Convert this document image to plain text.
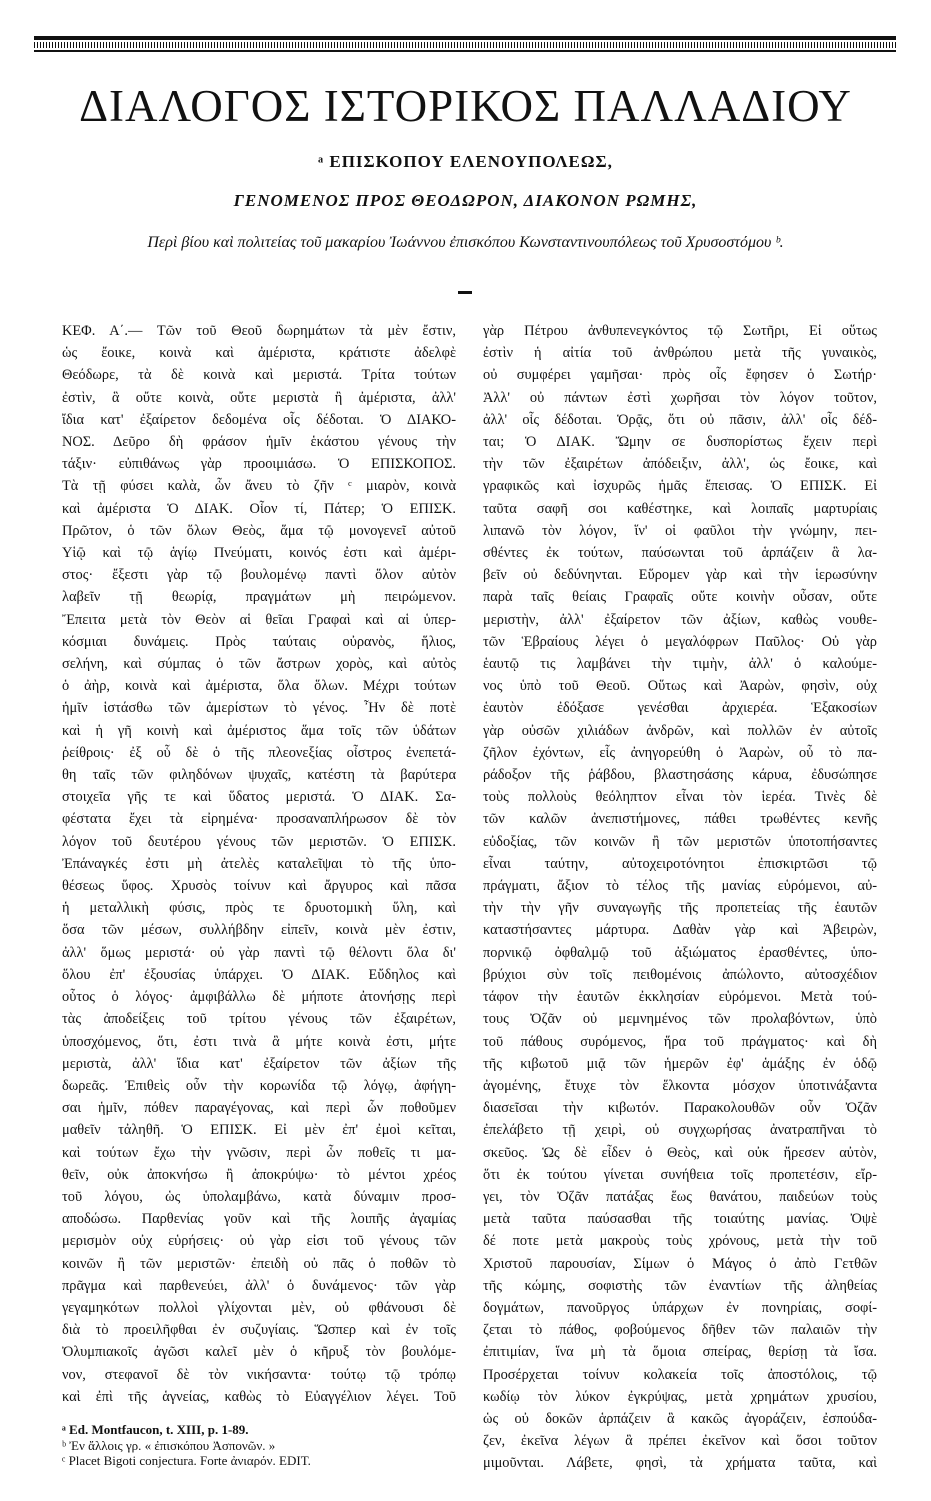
ΔΙΑΛΟΓΟΣ ΙΣΤΟΡΙΚΟΣ ΠΑΛΛΑΔΙΟΥ
ᵃ ΕΠΙΣΚΟΠΟΥ ΕΛΕΝΟΥΠΟΛΕΩΣ,
ΓΕΝΟΜΕΝΟΣ ΠΡΟΣ ΘΕΟΔΩΡΟΝ, ΔΙΑΚΟΝΟΝ ΡΩΜΗΣ,
Περὶ βίου καὶ πολιτείας τοῦ μακαρίου Ἰωάννου ἐπισκόπου Κωνσταντινουπόλεως τοῦ Χρυσοστόμου ᵇ.
ΚΕΦ. Α΄.— Τῶν τοῦ Θεοῦ δωρημάτων τὰ μὲν ἔστιν,
ὡς ἔοικε, κοινὰ καὶ ἀμέριστα, κράτιστε ἀδελφὲ
Θεόδωρε, τὰ δὲ κοινὰ καὶ μεριστά. Τρίτα τούτων
ἐστὶν, ἃ οὔτε κοινὰ, οὔτε μεριστὰ ἢ ἀμέριστα, ἀλλ'
ἴδια κατ' ἐξαίρετον δεδομένα οἷς δέδοται. Ὁ ΔΙΑΚΟ-
ΝΟΣ. Δεῦρο δὴ φράσον ἡμῖν ἑκάστου γένους τὴν
τάξιν· εὐπιθάνως γὰρ προοιμιάσω. Ὁ ΕΠΙΣΚΟΠΟΣ.
Τὰ τῇ φύσει καλὰ, ὧν ἄνευ τὸ ζῆν ᶜ μιαρὸν, κοινὰ
καὶ ἀμέριστα Ὁ ΔΙΑΚ. Οἷον τί, Πάτερ; Ὁ ΕΠΙΣΚ.
Πρῶτον, ὁ τῶν ὅλων Θεὸς, ἅμα τῷ μονογενεῖ αὐτοῦ
Υἱῷ καὶ τῷ ἁγίῳ Πνεύματι, κοινός ἐστι καὶ ἀμέρι-
στος· ἔξεστι γὰρ τῷ βουλομένῳ παντὶ ὅλον αὐτὸν
λαβεῖν τῇ θεωρίᾳ, πραγμάτων μὴ πειρώμενον.
Ἔπειτα μετὰ τὸν Θεὸν αἱ θεῖαι Γραφαὶ καὶ αἱ ὑπερ-
κόσμιαι δυνάμεις. Πρὸς ταύταις οὐρανὸς, ἥλιος,
σελήνη, καὶ σύμπας ὁ τῶν ἄστρων χορὸς, καὶ αὐτὸς
ὁ ἀὴρ, κοινὰ καὶ ἀμέριστα, ὅλα ὅλων. Μέχρι τούτων
ἡμῖν ἱστάσθω τῶν ἀμερίστων τὸ γένος. Ἦν δὲ ποτὲ
καὶ ἡ γῆ κοινὴ καὶ ἀμέριστος ἅμα τοῖς τῶν ὑδάτων
ῥείθροις· ἐξ οὗ δὲ ὁ τῆς πλεονεξίας οἶστρος ἐνεπετά-
θη ταῖς τῶν φιληδόνων ψυχαῖς, κατέστη τὰ βαρύτερα
στοιχεῖα γῆς τε καὶ ὕδατος μεριστά. Ὁ ΔΙΑΚ. Σα-
φέστατα ἔχει τὰ εἰρημένα· προσαναπλήρωσον δὲ τὸν
λόγον τοῦ δευτέρου γένους τῶν μεριστῶν. Ὁ ΕΠΙΣΚ.
Ἐπάναγκές ἐστι μὴ ἀτελὲς καταλεῖψαι τὸ τῆς ὑπο-
θέσεως ὕφος. Χρυσὸς τοίνυν καὶ ἄργυρος καὶ πᾶσα
ἡ μεταλλικὴ φύσις, πρὸς τε δρυοτομικὴ ὕλη, καὶ
ὅσα τῶν μέσων, συλλήβδην εἰπεῖν, κοινὰ μὲν ἐστιν,
ἀλλ' ὅμως μεριστά· οὐ γὰρ παντὶ τῷ θέλοντι ὅλα δι'
ὅλου ἐπ' ἐξουσίας ὑπάρχει. Ὁ ΔΙΑΚ. Εὔδηλος καὶ
οὗτος ὁ λόγος· ἀμφιβάλλω δὲ μήποτε ἀτονήσῃς περὶ
τὰς ἀποδείξεις τοῦ τρίτου γένους τῶν ἐξαιρέτων,
ὑποσχόμενος, ὅτι, ἐστι τινὰ ἃ μήτε κοινὰ ἐστι, μήτε
μεριστὰ, ἀλλ' ἴδια κατ' ἐξαίρετον τῶν ἀξίων τῆς
δωρεᾶς. Ἐπιθεὶς οὖν τὴν κορωνίδα τῷ λόγῳ, ἀφήγη-
σαι ἡμῖν, πόθεν παραγέγονας, καὶ περὶ ὧν ποθοῦμεν
μαθεῖν τἀληθῆ. Ὁ ΕΠΙΣΚ. Εἰ μὲν ἐπ' ἐμοὶ κεῖται,
καὶ τούτων ἔχω τὴν γνῶσιν, περὶ ὧν ποθεῖς τι μα-
θεῖν, οὐκ ἀποκνήσω ἢ ἀποκρύψω· τὸ μέντοι χρέος
τοῦ λόγου, ὡς ὑπολαμβάνω, κατὰ δύναμιν προσ-
αποδώσω. Παρθενίας γοῦν καὶ τῆς λοιπῆς ἀγαμίας
μερισμὸν οὐχ εὑρήσεις· οὐ γὰρ εἰσι τοῦ γένους τῶν
κοινῶν ἢ τῶν μεριστῶν· ἐπειδὴ οὐ πᾶς ὁ ποθῶν τὸ
πρᾶγμα καὶ παρθενεύει, ἀλλ' ὁ δυνάμενος· τῶν γὰρ
γεγαμηκότων πολλοὶ γλίχονται μὲν, οὐ φθάνουσι δὲ
διὰ τὸ προειλῆφθαι ἐν συζυγίαις. Ὥσπερ καὶ ἐν τοῖς
Ὀλυμπιακοῖς ἀγῶσι καλεῖ μὲν ὁ κῆρυξ τὸν βουλόμε-
νον, στεφανοῖ δὲ τὸν νικήσαντα· τούτῳ τῷ τρόπῳ
καὶ ἐπὶ τῆς ἁγνείας, καθὼς τὸ Εὐαγγέλιον λέγει. Τοῦ
γὰρ Πέτρου ἀνθυπενεγκόντος τῷ Σωτῆρι, Εἰ οὕτως
ἐστὶν ἡ αἰτία τοῦ ἀνθρώπου μετὰ τῆς γυναικὸς,
οὐ συμφέρει γαμῆσαι· πρὸς οἷς ἔφησεν ὁ Σωτήρ·
Ἀλλ' οὐ πάντων ἐστὶ χωρῆσαι τὸν λόγον τοῦτον,
ἀλλ' οἷς δέδοται. Ὁρᾷς, ὅτι οὐ πᾶσιν, ἀλλ' οἷς δέδ-
ται; Ὁ ΔΙΑΚ. Ὤμην σε δυσπορίστως ἔχειν περὶ
τὴν τῶν ἐξαιρέτων ἀπόδειξιν, ἀλλ', ὡς ἔοικε, καὶ
γραφικῶς καὶ ἰσχυρῶς ἡμᾶς ἔπεισας. Ὁ ΕΠΙΣΚ. Εἰ
ταῦτα σαφῆ σοι καθέστηκε, καὶ λοιπαῖς μαρτυρίαις
λιπανῶ τὸν λόγον, ἵν' οἱ φαῦλοι τὴν γνώμην, πει-
σθέντες ἐκ τούτων, παύσωνται τοῦ ἁρπάζειν ἃ λα-
βεῖν οὐ δεδύνηνται. Εὕρομεν γὰρ καὶ τὴν ἱερωσύνην
παρὰ ταῖς θείαις Γραφαῖς οὔτε κοινὴν οὖσαν, οὔτε
μεριστὴν, ἀλλ' ἐξαίρετον τῶν ἀξίων, καθὼς νουθε-
τῶν Ἑβραίους λέγει ὁ μεγαλόφρων Παῦλος· Οὐ γὰρ
ἑαυτῷ τις λαμβάνει τὴν τιμὴν, ἀλλ' ὁ καλούμε-
νος ὑπὸ τοῦ Θεοῦ. Οὕτως καὶ Ἀαρὼν, φησὶν, οὐχ
ἑαυτὸν ἐδόξασε γενέσθαι ἀρχιερέα. Ἑξακοσίων
γὰρ οὐσῶν χιλιάδων ἀνδρῶν, καὶ πολλῶν ἐν αὐτοῖς
ζῆλον ἐχόντων, εἷς ἀνηγορεύθη ὁ Ἀαρὼν, οὗ τὸ πα-
ράδοξον τῆς ῥάβδου, βλαστησάσης κάρυα, ἐδυσώπησε
τοὺς πολλοὺς θεόληπτον εἶναι τὸν ἱερέα. Τινὲς δὲ
τῶν καλῶν ἀνεπιστήμονες, πάθει τρωθέντες κενῆς
εὐδοξίας, τῶν κοινῶν ἢ τῶν μεριστῶν ὑποτοπήσαντες
εἶναι ταύτην, αὐτοχειροτόνητοι ἐπισκιρτῶσι τῷ
πράγματι, ἄξιον τὸ τέλος τῆς μανίας εὑρόμενοι, αὐ-
τὴν τὴν γῆν συναγωγῆς τῆς προπετείας τῆς ἑαυτῶν
καταστήσαντες μάρτυρα. Δαθὰν γὰρ καὶ Ἀβειρὼν,
πορνικῷ ὀφθαλμῷ τοῦ ἀξιώματος ἐρασθέντες, ὑπο-
βρύχιοι σὺν τοῖς πειθομένοις ἀπώλοντο, αὐτοσχέδιον
τάφον τὴν ἑαυτῶν ἐκκλησίαν εὑρόμενοι. Μετὰ τού-
τους Ὀζᾶν οὐ μεμνημένος τῶν προλαβόντων, ὑπὸ
τοῦ πάθους συρόμενος, ἥρα τοῦ πράγματος· καὶ δὴ
τῆς κιβωτοῦ μιᾷ τῶν ἡμερῶν ἐφ' ἁμάξης ἐν ὁδῷ
ἀγομένης, ἔτυχε τὸν ἕλκοντα μόσχον ὑποτινάξαντα
διασεῖσαι τὴν κιβωτόν. Παρακολουθῶν οὖν Ὀζᾶν
ἐπελάβετο τῇ χειρὶ, οὐ συγχωρήσας ἀνατραπῆναι τὸ
σκεῦος. Ὡς δὲ εἶδεν ὁ Θεὸς, καὶ οὐκ ἤρεσεν αὐτὸν,
ὅτι ἐκ τούτου γίνεται συνήθεια τοῖς προπετέσιν, εἴρ-
γει, τὸν Ὀζᾶν πατάξας ἕως θανάτου, παιδεύων τοὺς
μετὰ ταῦτα παύσασθαι τῆς τοιαύτης μανίας. Ὀψὲ
δέ ποτε μετὰ μακροὺς τοὺς χρόνους, μετὰ τὴν τοῦ
Χριστοῦ παρουσίαν, Σίμων ὁ Μάγος ὁ ἀπὸ Γετθῶν
τῆς κώμης, σοφιστὴς τῶν ἐναντίων τῆς ἀληθείας
δογμάτων, πανοῦργος ὑπάρχων ἐν πονηρίαις, σοφί-
ζεται τὸ πάθος, φοβούμενος δῆθεν τῶν παλαιῶν τὴν
ἐπιτιμίαν, ἵνα μὴ τὰ ὅμοια σπείρας, θερίσῃ τὰ ἴσα.
Προσέρχεται τοίνυν κολακεία τοῖς ἀποστόλοις, τῷ
κωδίῳ τὸν λύκον ἐγκρύψας, μετὰ χρημάτων χρυσίου,
ὡς οὐ δοκῶν ἁρπάζειν ἃ κακῶς ἀγοράζειν, ἐσπούδα-
ζεν, ἐκεῖνα λέγων ἃ πρέπει ἐκεῖνον καὶ ὅσοι τοῦτον
μιμοῦνται. Λάβετε, φησὶ, τὰ χρήματα ταῦτα, καὶ
ᵃ Ed. Montfaucon, t. XIII, p. 1-89.
ᵇ Ἐν ἄλλοις γρ. « ἐπισκόπου Ἀσπονῶν. »
ᶜ Placet Bigoti conjectura. Forte ἀνιαρόν. EDIT.
